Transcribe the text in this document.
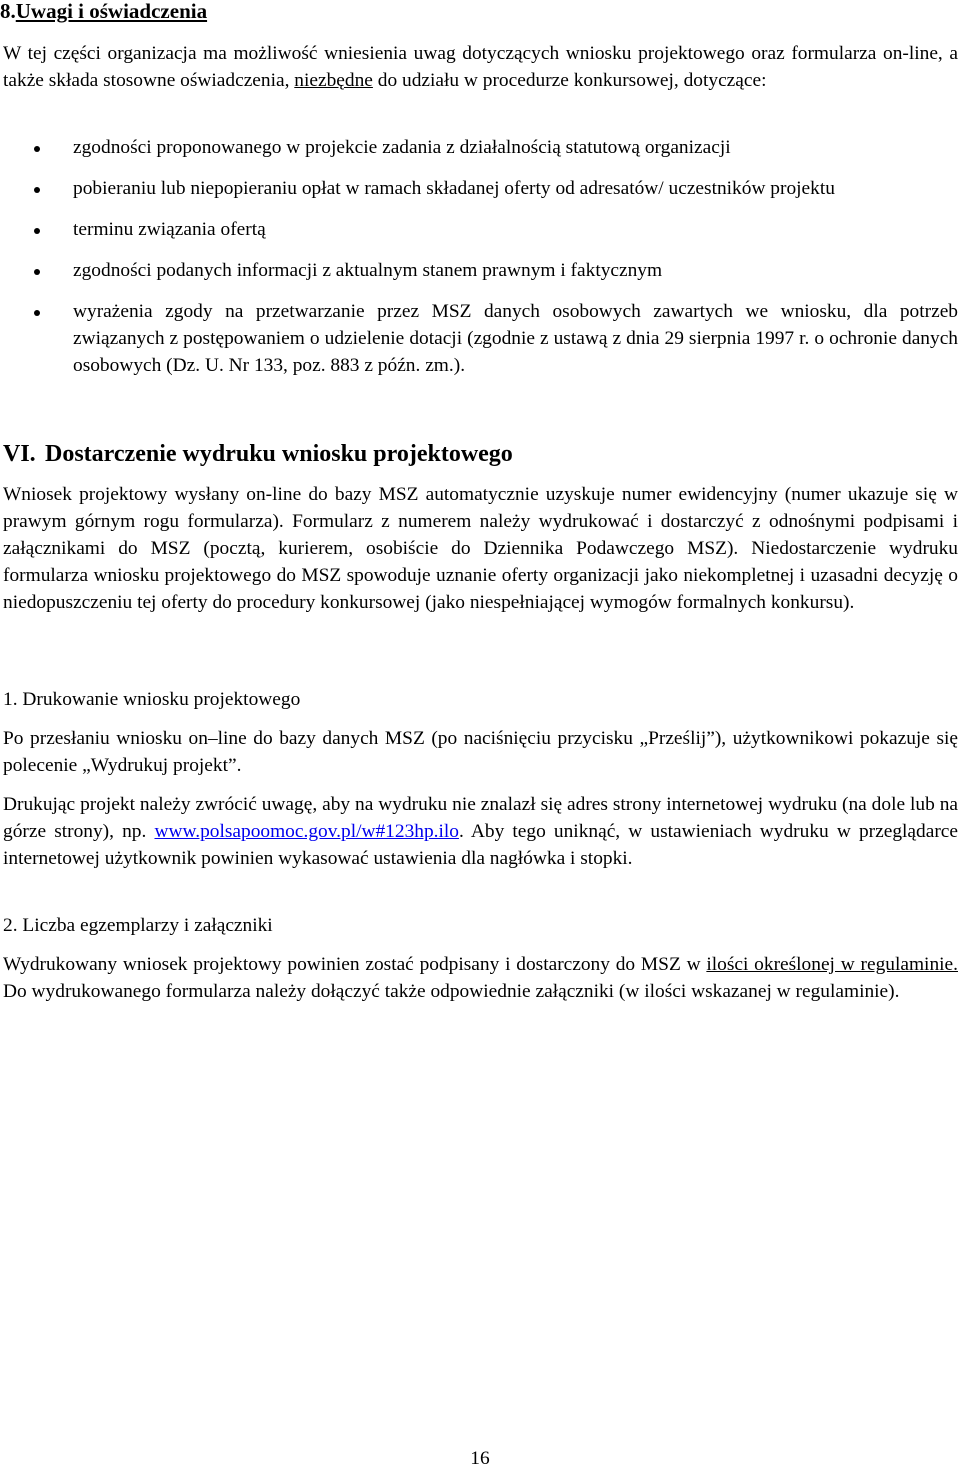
8.Uwagi i oświadczenia

W tej części organizacja ma możliwość wniesienia uwag dotyczących wniosku projektowego oraz formularza on-line, a także składa stosowne oświadczenia, niezbędne do udziału w procedurze konkursowej, dotyczące:

zgodności proponowanego w projekcie zadania z działalnością statutową organizacji
pobieraniu lub niepopieraniu opłat w ramach składanej oferty od adresatów/ uczestników projektu
terminu związania ofertą
zgodności podanych informacji z aktualnym stanem prawnym i faktycznym
wyrażenia zgody na przetwarzanie przez MSZ danych osobowych zawartych we wniosku, dla potrzeb związanych z postępowaniem o udzielenie dotacji (zgodnie z ustawą z dnia 29 sierpnia 1997 r. o ochronie danych osobowych (Dz. U. Nr 133, poz. 883 z późn. zm.).
VI. Dostarczenie wydruku wniosku projektowego

Wniosek projektowy wysłany on-line do bazy MSZ automatycznie uzyskuje numer ewidencyjny (numer ukazuje się w prawym górnym rogu formularza). Formularz z numerem należy wydrukować i dostarczyć z odnośnymi podpisami i załącznikami do MSZ (pocztą, kurierem, osobiście do Dziennika Podawczego MSZ). Niedostarczenie wydruku formularza wniosku projektowego do MSZ spowoduje uznanie oferty organizacji jako niekompletnej i uzasadni decyzję o niedopuszczeniu tej oferty do procedury konkursowej (jako niespełniającej wymogów formalnych konkursu).

1. Drukowanie wniosku projektowego

Po przesłaniu wniosku on–line do bazy danych MSZ (po naciśnięciu przycisku „Prześlij”), użytkownikowi pokazuje się polecenie „Wydrukuj projekt”.

Drukując projekt należy zwrócić uwagę, aby na wydruku nie znalazł się adres strony internetowej wydruku (na dole lub na górze strony), np. www.polsapoomoc.gov.pl/w#123hp.ilo. Aby tego uniknąć, w ustawieniach wydruku w przeglądarce internetowej użytkownik powinien wykasować ustawienia dla nagłówka i stopki.

2. Liczba egzemplarzy i załączniki

Wydrukowany wniosek projektowy powinien zostać podpisany i dostarczony do MSZ w ilości określonej w regulaminie. Do wydrukowanego formularza należy dołączyć także odpowiednie załączniki (w ilości wskazanej w regulaminie).

16
